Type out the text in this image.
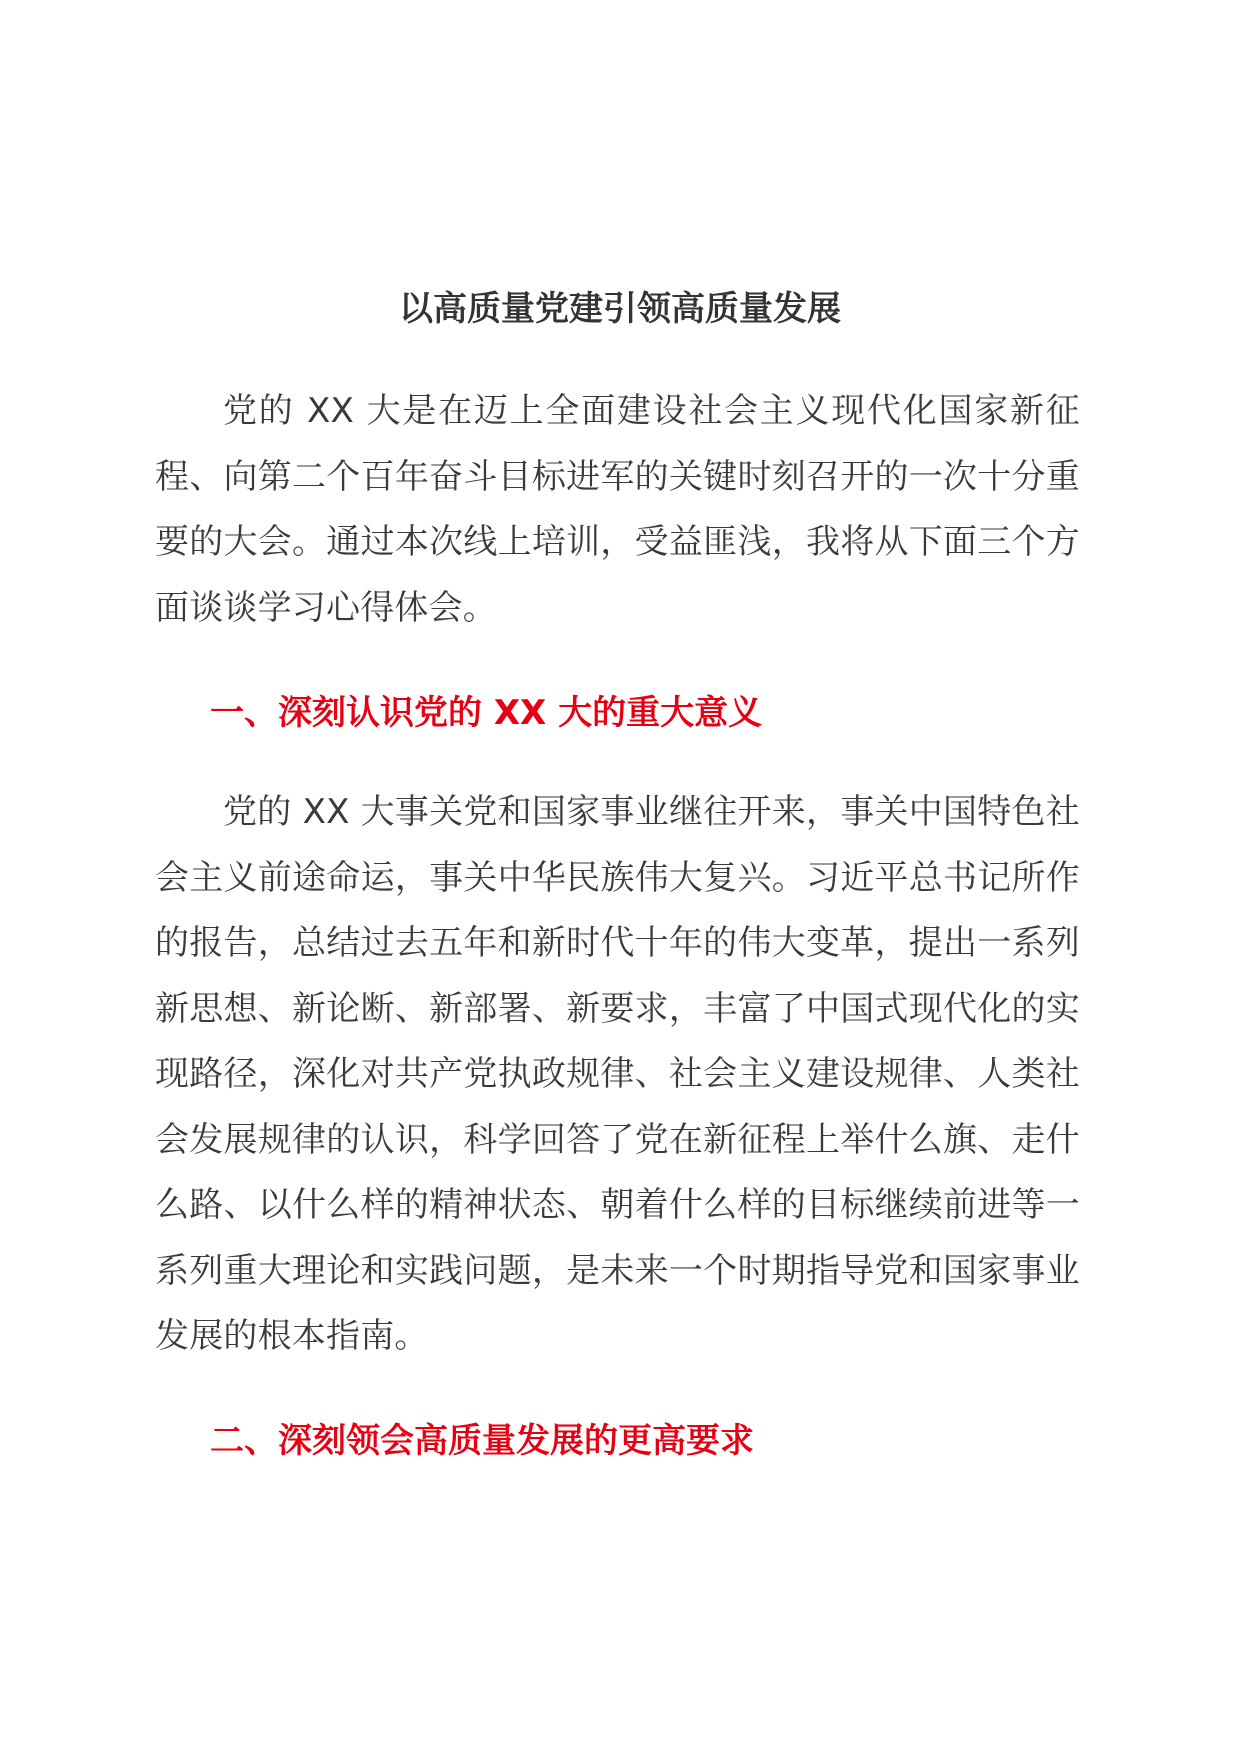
以高质量党建引领高质量发展

党的 XX 大是在迈上全面建设社会主义现代化国家新征程、向第二个百年奋斗目标进军的关键时刻召开的一次十分重要的大会。通过本次线上培训，受益匪浅，我将从下面三个方面谈谈学习心得体会。

一、深刻认识党的 XX 大的重大意义

党的 XX 大事关党和国家事业继往开来，事关中国特色社会主义前途命运，事关中华民族伟大复兴。习近平总书记所作的报告，总结过去五年和新时代十年的伟大变革，提出一系列新思想、新论断、新部署、新要求，丰富了中国式现代化的实现路径，深化对共产党执政规律、社会主义建设规律、人类社会发展规律的认识，科学回答了党在新征程上举什么旗、走什么路、以什么样的精神状态、朝着什么样的目标继续前进等一系列重大理论和实践问题，是未来一个时期指导党和国家事业发展的根本指南。

二、深刻领会高质量发展的更高要求
